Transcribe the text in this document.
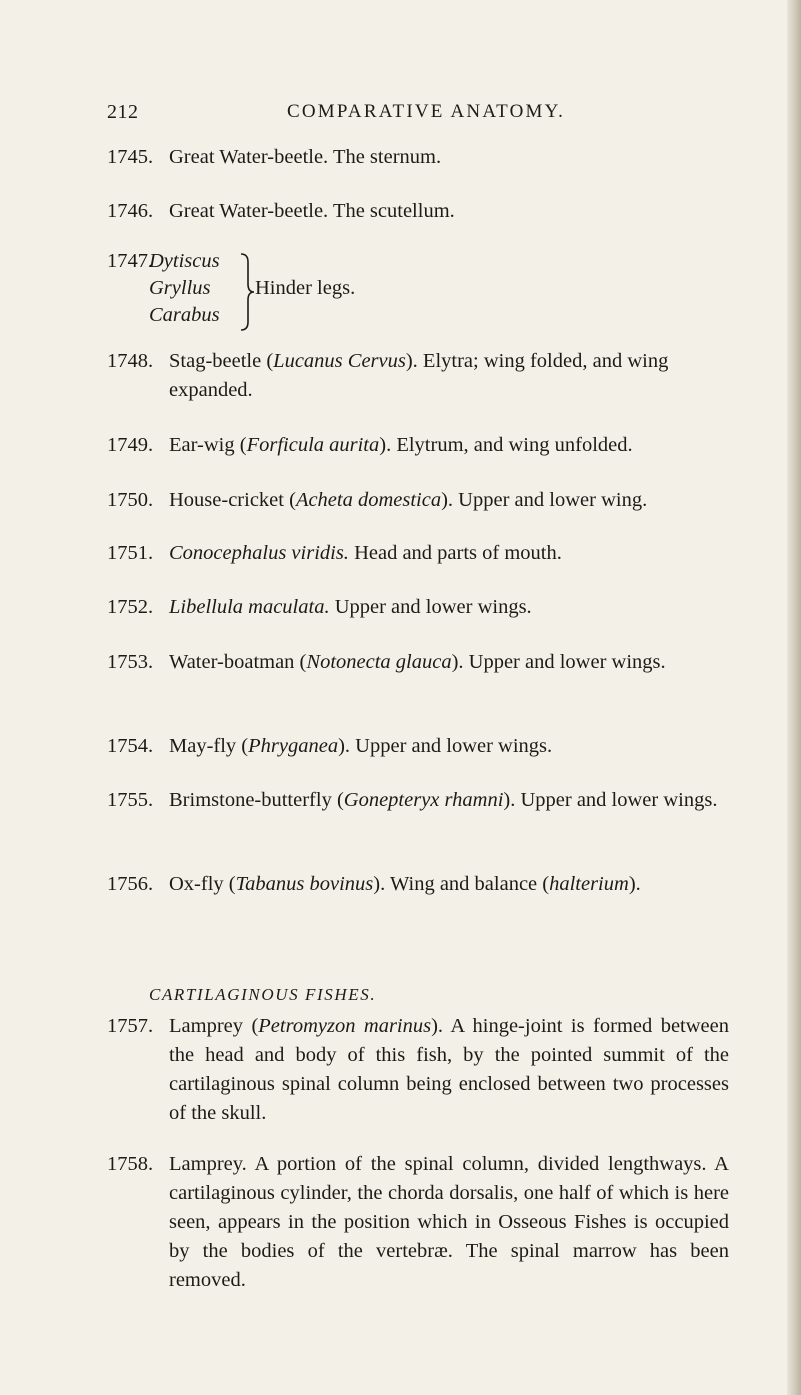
212	COMPARATIVE ANATOMY.
1745. Great Water-beetle. The sternum.
1746. Great Water-beetle. The scutellum.
1747.
Dytiscus
Gryllus
Carabus
Hinder legs.
1748. Stag-beetle (Lucanus Cervus). Elytra; wing folded, and wing expanded.
1749. Ear-wig (Forficula aurita). Elytrum, and wing unfolded.
1750. House-cricket (Acheta domestica). Upper and lower wing.
1751. Conocephalus viridis. Head and parts of mouth.
1752. Libellula maculata. Upper and lower wings.
1753. Water-boatman (Notonecta glauca). Upper and lower wings.
1754. May-fly (Phryganea). Upper and lower wings.
1755. Brimstone-butterfly (Gonepteryx rhamni). Upper and lower wings.
1756. Ox-fly (Tabanus bovinus). Wing and balance (halterium).
CARTILAGINOUS FISHES.
1757. Lamprey (Petromyzon marinus). A hinge-joint is formed between the head and body of this fish, by the pointed summit of the cartilaginous spinal column being enclosed between two processes of the skull.
1758. Lamprey. A portion of the spinal column, divided lengthways. A cartilaginous cylinder, the chorda dorsalis, one half of which is here seen, appears in the position which in Osseous Fishes is occupied by the bodies of the vertebræ. The spinal marrow has been removed.
